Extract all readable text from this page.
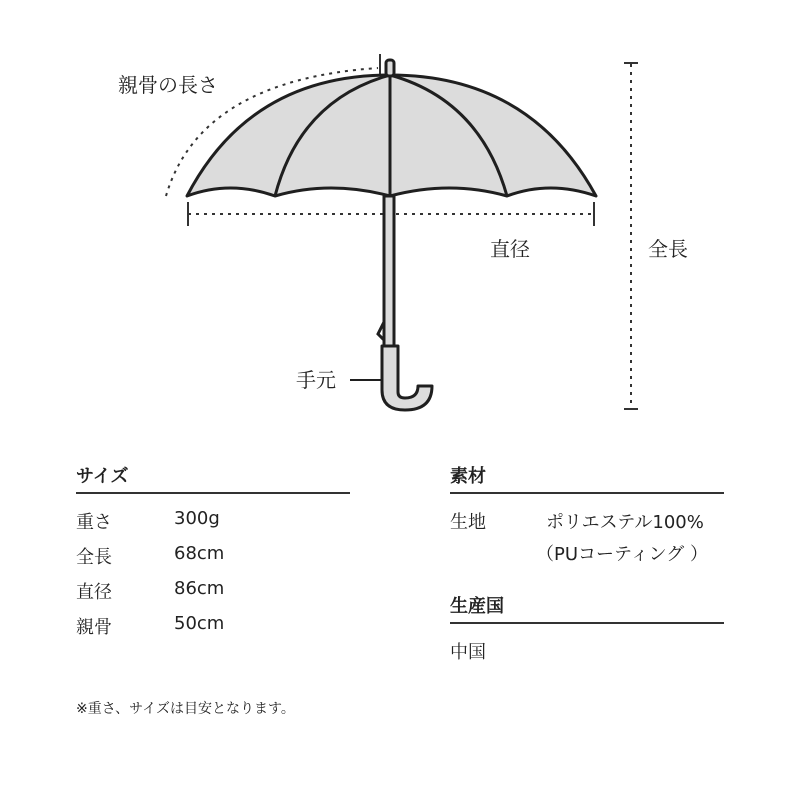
親骨の長さ
直径	全長
手元
サイズ
重さ	300g
全長	68cm
直径	86cm
親骨	50cm
素材
生地	ポリエステル100%
（PUコーティング ）
生産国
中国
※重さ、サイズは目安となります。
